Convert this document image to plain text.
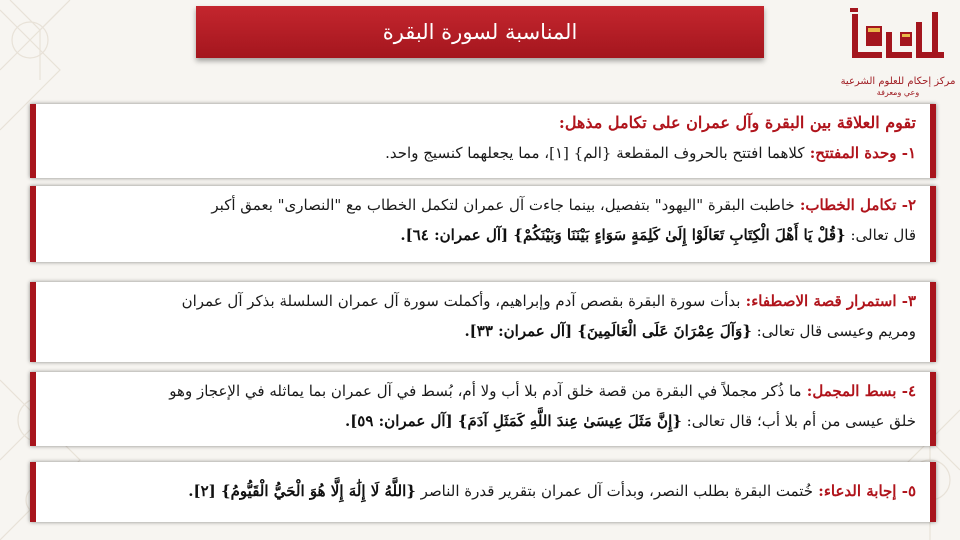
المناسبة لسورة البقرة
مركز إحكام للعلوم الشرعية
وعي ومعرفة
تقوم العلاقة بين البقرة وآل عمران على تكامل مذهل:
١- وحدة المفتتح: كلاهما افتتح بالحروف المقطعة {الم} [١]، مما يجعلهما كنسيج واحد.
٢- تكامل الخطاب: خاطبت البقرة "اليهود" بتفصيل، بينما جاءت آل عمران لتكمل الخطاب مع "النصارى" بعمق أكبر
قال تعالى: {قُلْ يَا أَهْلَ الْكِتَابِ تَعَالَوْا إِلَىٰ كَلِمَةٍ سَوَاءٍ بَيْنَنَا وَبَيْنَكُمْ} [آل عمران: ٦٤].
٣- استمرار قصة الاصطفاء: بدأت سورة البقرة بقصص آدم وإبراهيم، وأكملت سورة آل عمران السلسلة بذكر آل عمران
ومريم وعيسى قال تعالى: {وَآلَ عِمْرَانَ عَلَى الْعَالَمِينَ} [آل عمران: ٣٣].
٤- بسط المجمل: ما ذُكر مجملاً في البقرة من قصة خلق آدم بلا أب ولا أم، بُسط في آل عمران بما يماثله في الإعجاز وهو
خلق عيسى من أم بلا أب؛ قال تعالى: {إِنَّ مَثَلَ عِيسَىٰ عِندَ اللَّهِ كَمَثَلِ آدَمَ} [آل عمران: ٥٩].
٥- إجابة الدعاء: خُتمت البقرة بطلب النصر، وبدأت آل عمران بتقرير قدرة الناصر {اللَّهُ لَا إِلَٰهَ إِلَّا هُوَ الْحَيُّ الْقَيُّومُ} [٢].
